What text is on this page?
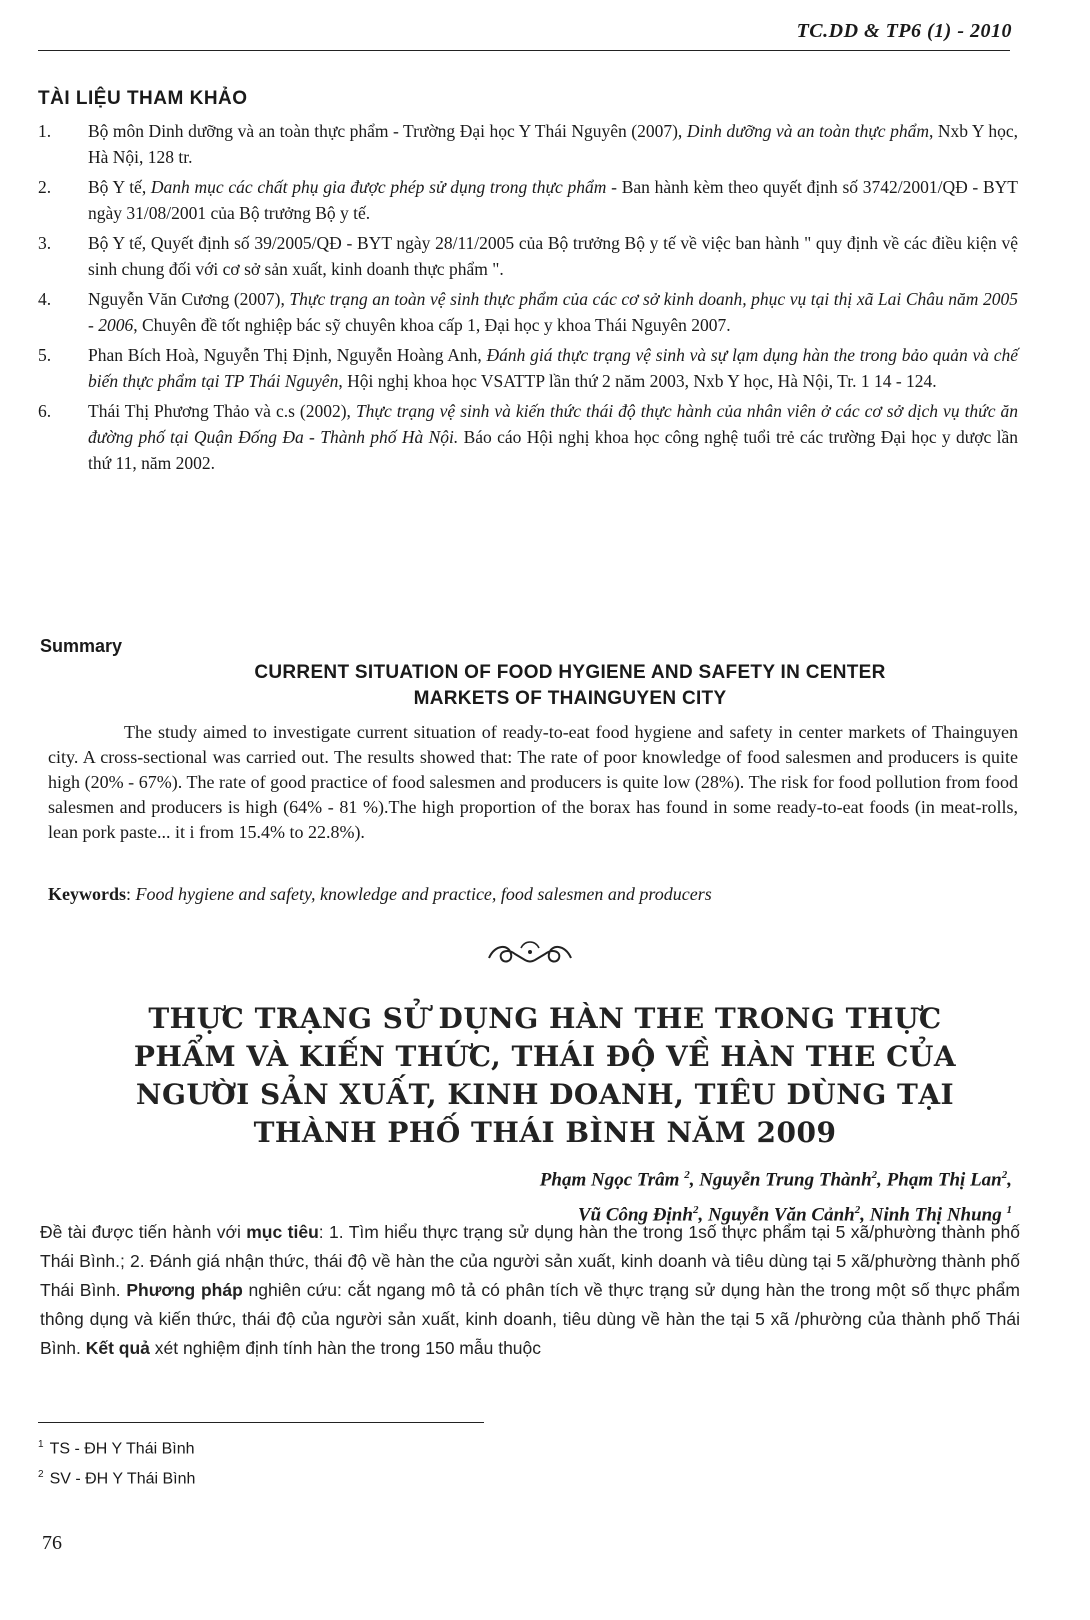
TC.DD & TP6 (1) - 2010
TÀI LIỆU THAM KHẢO
1.	Bộ môn Dinh dưỡng và an toàn thực phẩm - Trường Đại học Y Thái Nguyên (2007), Dinh dưỡng và an toàn thực phẩm, Nxb Y học, Hà Nội, 128 tr.
2.	Bộ Y tế, Danh mục các chất phụ gia được phép sử dụng trong thực phẩm - Ban hành kèm theo quyết định số 3742/2001/QĐ - BYT ngày 31/08/2001 của Bộ trưởng Bộ y tế.
3.	Bộ Y tế, Quyết định số 39/2005/QĐ - BYT ngày 28/11/2005 của Bộ trưởng Bộ y tế về việc ban hành " quy định về các điều kiện vệ sinh chung đối với cơ sở sản xuất, kinh doanh thực phẩm ".
4.	Nguyễn Văn Cương (2007), Thực trạng an toàn vệ sinh thực phẩm của các cơ sở kinh doanh, phục vụ tại thị xã Lai Châu năm 2005 - 2006, Chuyên đề tốt nghiệp bác sỹ chuyên khoa cấp 1, Đại học y khoa Thái Nguyên 2007.
5.	Phan Bích Hoà, Nguyễn Thị Định, Nguyễn Hoàng Anh, Đánh giá thực trạng vệ sinh và sự lạm dụng hàn the trong bảo quản và chế biến thực phẩm tại TP Thái Nguyên, Hội nghị khoa học VSATTP lần thứ 2 năm 2003, Nxb Y học, Hà Nội, Tr. 1 14 - 124.
6.	Thái Thị Phương Thảo và c.s (2002), Thực trạng vệ sinh và kiến thức thái độ thực hành của nhân viên ở các cơ sở dịch vụ thức ăn đường phố tại Quận Đống Đa - Thành phố Hà Nội. Báo cáo Hội nghị khoa học công nghệ tuổi trẻ các trường Đại học y dược lần thứ 11, năm 2002.
Summary
CURRENT SITUATION OF FOOD HYGIENE AND SAFETY IN CENTER
MARKETS OF THAINGUYEN CITY
The study aimed to investigate current situation of ready-to-eat food hygiene and safety in center markets of Thainguyen city. A cross-sectional was carried out. The results showed that: The rate of poor knowledge of food salesmen and producers is quite high (20% - 67%). The rate of good practice of food salesmen and producers is quite low (28%). The risk for food pollution from food salesmen and producers is high (64% - 81 %).The high proportion of the borax has found in some ready-to-eat foods (in meat-rolls, lean pork paste... it i from 15.4% to 22.8%).
Keywords: Food hygiene and safety, knowledge and practice, food salesmen and producers
THỰC TRẠNG SỬ DỤNG HÀN THE TRONG THỰC
PHẨM VÀ KIẾN THỨC, THÁI ĐỘ VỀ HÀN THE CỦA
NGƯỜI SẢN XUẤT, KINH DOANH, TIÊU DÙNG TẠI
THÀNH PHỐ THÁI BÌNH NĂM 2009
Phạm Ngọc Trâm $^2$, Nguyễn Trung Thành$^2$, Phạm Thị Lan$^2$,
Vũ Công Định$^2$, Nguyễn Văn Cảnh$^2$, Ninh Thị Nhung $^1$
Đề tài được tiến hành với mục tiêu: 1. Tìm hiểu thực trạng sử dụng hàn the trong 1số thực phẩm tại 5 xã/phường thành phố Thái Bình.; 2. Đánh giá nhận thức, thái độ về hàn the của người sản xuất, kinh doanh và tiêu dùng tại 5 xã/phường thành phố Thái Bình. Phương pháp nghiên cứu: cắt ngang mô tả có phân tích về thực trạng sử dụng hàn the trong một số thực phẩm thông dụng và kiến thức, thái độ của người sản xuất, kinh doanh, tiêu dùng về hàn the tại 5 xã /phường của thành phố Thái Bình. Kết quả xét nghiệm định tính hàn the trong 150 mẫu thuộc
$^1$ TS - ĐH Y Thái Bình
$^2$ SV - ĐH Y Thái Bình
76
